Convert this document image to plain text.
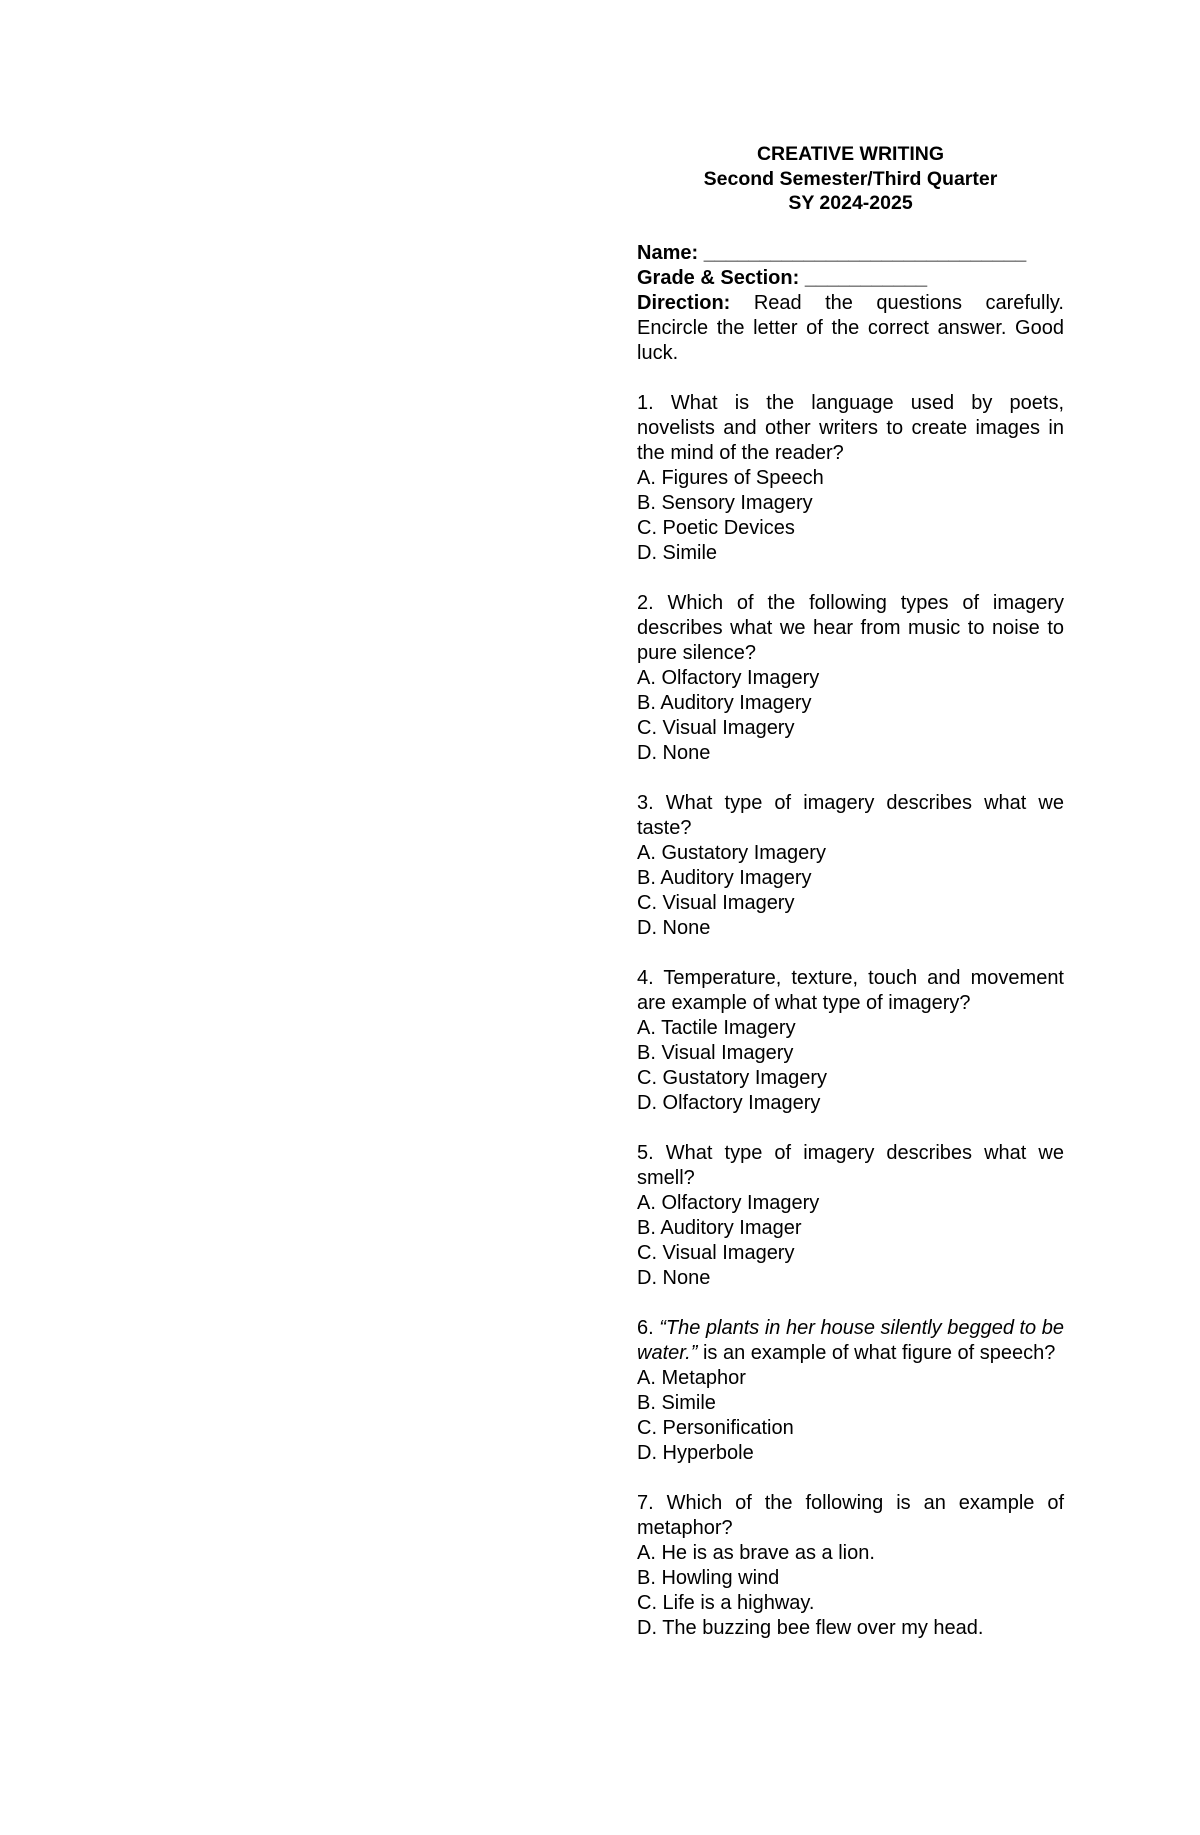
CREATIVE WRITING
Second Semester/Third Quarter
SY 2024-2025
Name: _____________________________
Grade & Section: ___________
Direction: Read the questions carefully. Encircle the letter of the correct answer. Good luck.
1. What is the language used by poets, novelists and other writers to create images in the mind of the reader?
A. Figures of Speech
B. Sensory Imagery
C. Poetic Devices
D. Simile
2. Which of the following types of imagery describes what we hear from music to noise to pure silence?
A. Olfactory Imagery
B. Auditory Imagery
C. Visual Imagery
D. None
3. What type of imagery describes what we taste?
A. Gustatory Imagery
B. Auditory Imagery
C. Visual Imagery
D. None
4. Temperature, texture, touch and movement are example of what type of imagery?
A. Tactile Imagery
B. Visual Imagery
C. Gustatory Imagery
D. Olfactory Imagery
5. What type of imagery describes what we smell?
A. Olfactory Imagery
B. Auditory Imager
C. Visual Imagery
D. None
6. “The plants in her house silently begged to be water.” is an example of what figure of speech?
A. Metaphor
B. Simile
C. Personification
D. Hyperbole
7. Which of the following is an example of metaphor?
A. He is as brave as a lion.
B. Howling wind
C. Life is a highway.
D. The buzzing bee flew over my head.
